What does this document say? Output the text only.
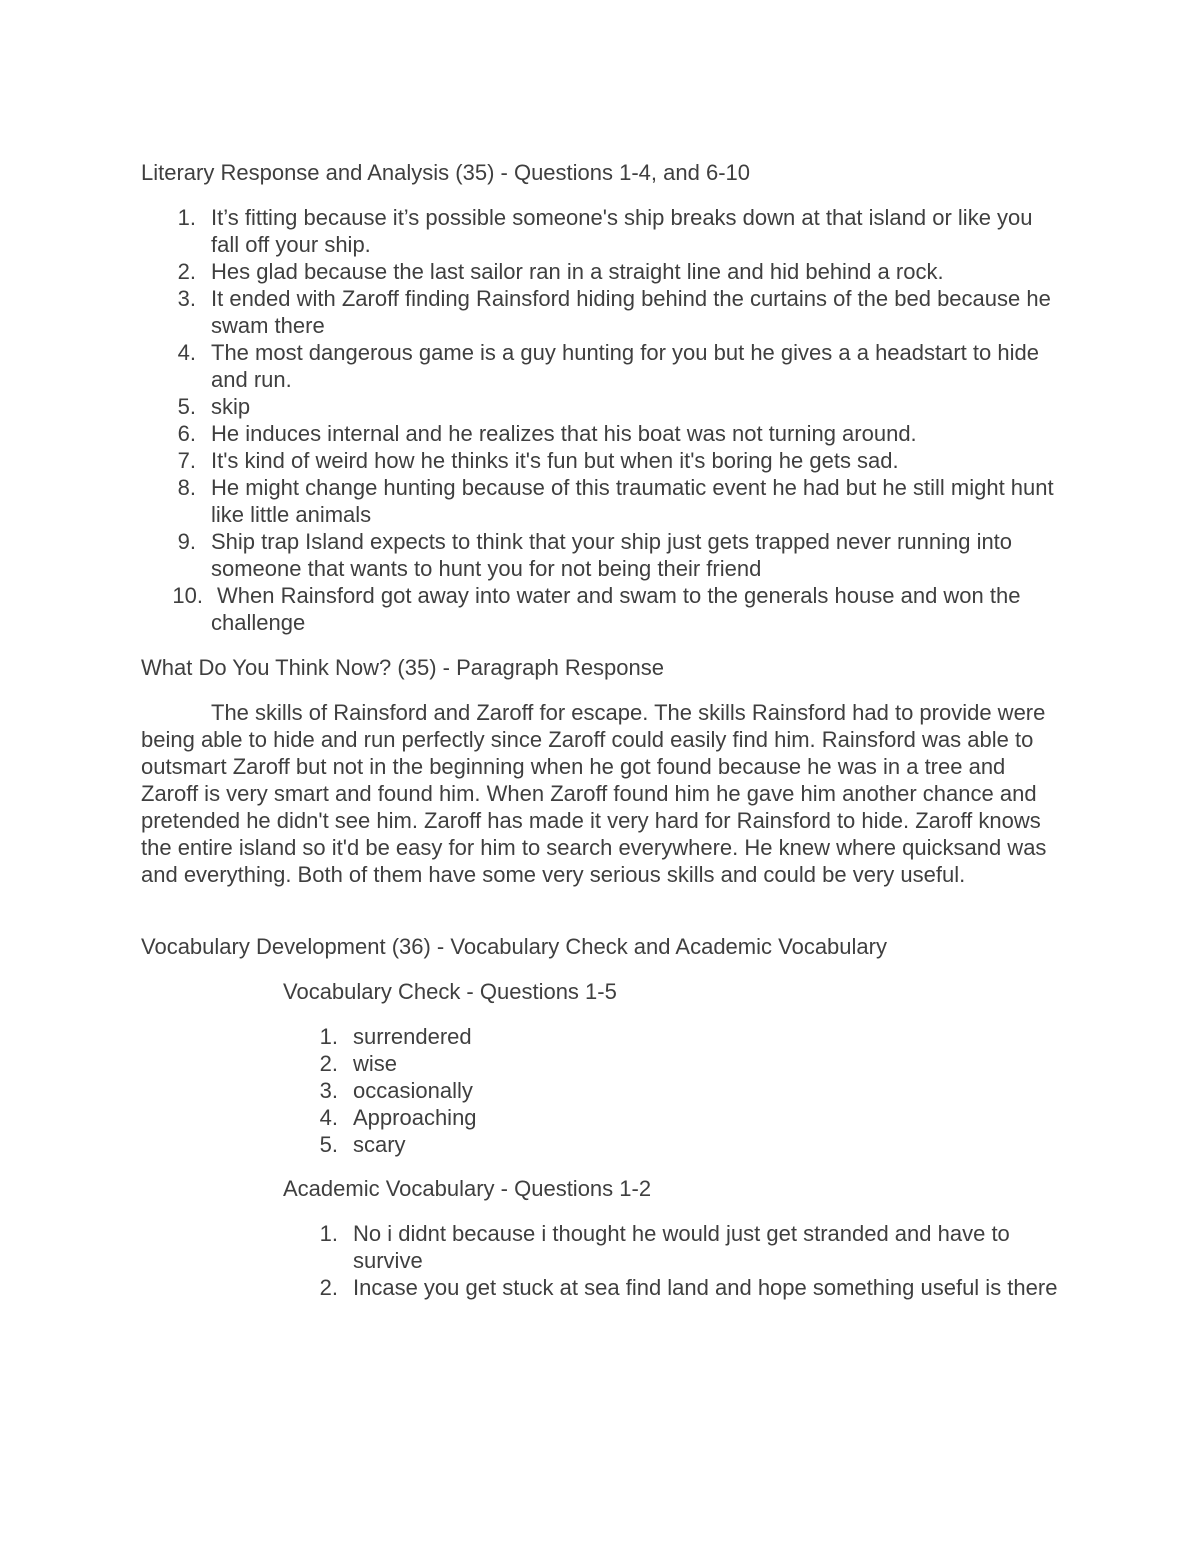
Literary Response and Analysis (35) - Questions 1-4, and 6-10
1. It’s fitting because it’s possible someone's ship breaks down at that island or like you fall off your ship.
2. Hes glad because the last sailor ran in a straight line and hid behind a rock.
3. It ended with Zaroff finding Rainsford hiding behind the curtains of the bed because he swam there
4. The most dangerous game is a guy hunting for you but he gives a a headstart to hide and run.
5. skip
6. He induces internal and he realizes that his boat was not turning around.
7. It's kind of weird how he thinks it's fun but when it's boring he gets sad.
8. He might change hunting because of this traumatic event he had but he still might hunt like little animals
9. Ship trap Island expects to think that your ship just gets trapped never running into someone that wants to hunt you for not being their friend
10. When Rainsford got away into water and swam to the generals house and won the challenge
What Do You Think Now? (35) - Paragraph Response

The skills of Rainsford and Zaroff for escape. The skills Rainsford had to provide were being able to hide and run perfectly since Zaroff could easily find him. Rainsford was able to outsmart Zaroff but not in the beginning when he got found because he was in a tree and Zaroff is very smart and found him. When Zaroff found him he gave him another chance and pretended he didn't see him. Zaroff has made it very hard for Rainsford to hide. Zaroff knows the entire island so it'd be easy for him to search everywhere. He knew where quicksand was and everything. Both of them have some very serious skills and could be very useful.

Vocabulary Development (36) - Vocabulary Check and Academic Vocabulary
Vocabulary Check - Questions 1-5
1. surrendered
2. wise
3. occasionally
4. Approaching
5. scary
Academic Vocabulary - Questions 1-2
1. No i didnt because i thought he would just get stranded and have to survive
2. Incase you get stuck at sea find land and hope something useful is there
